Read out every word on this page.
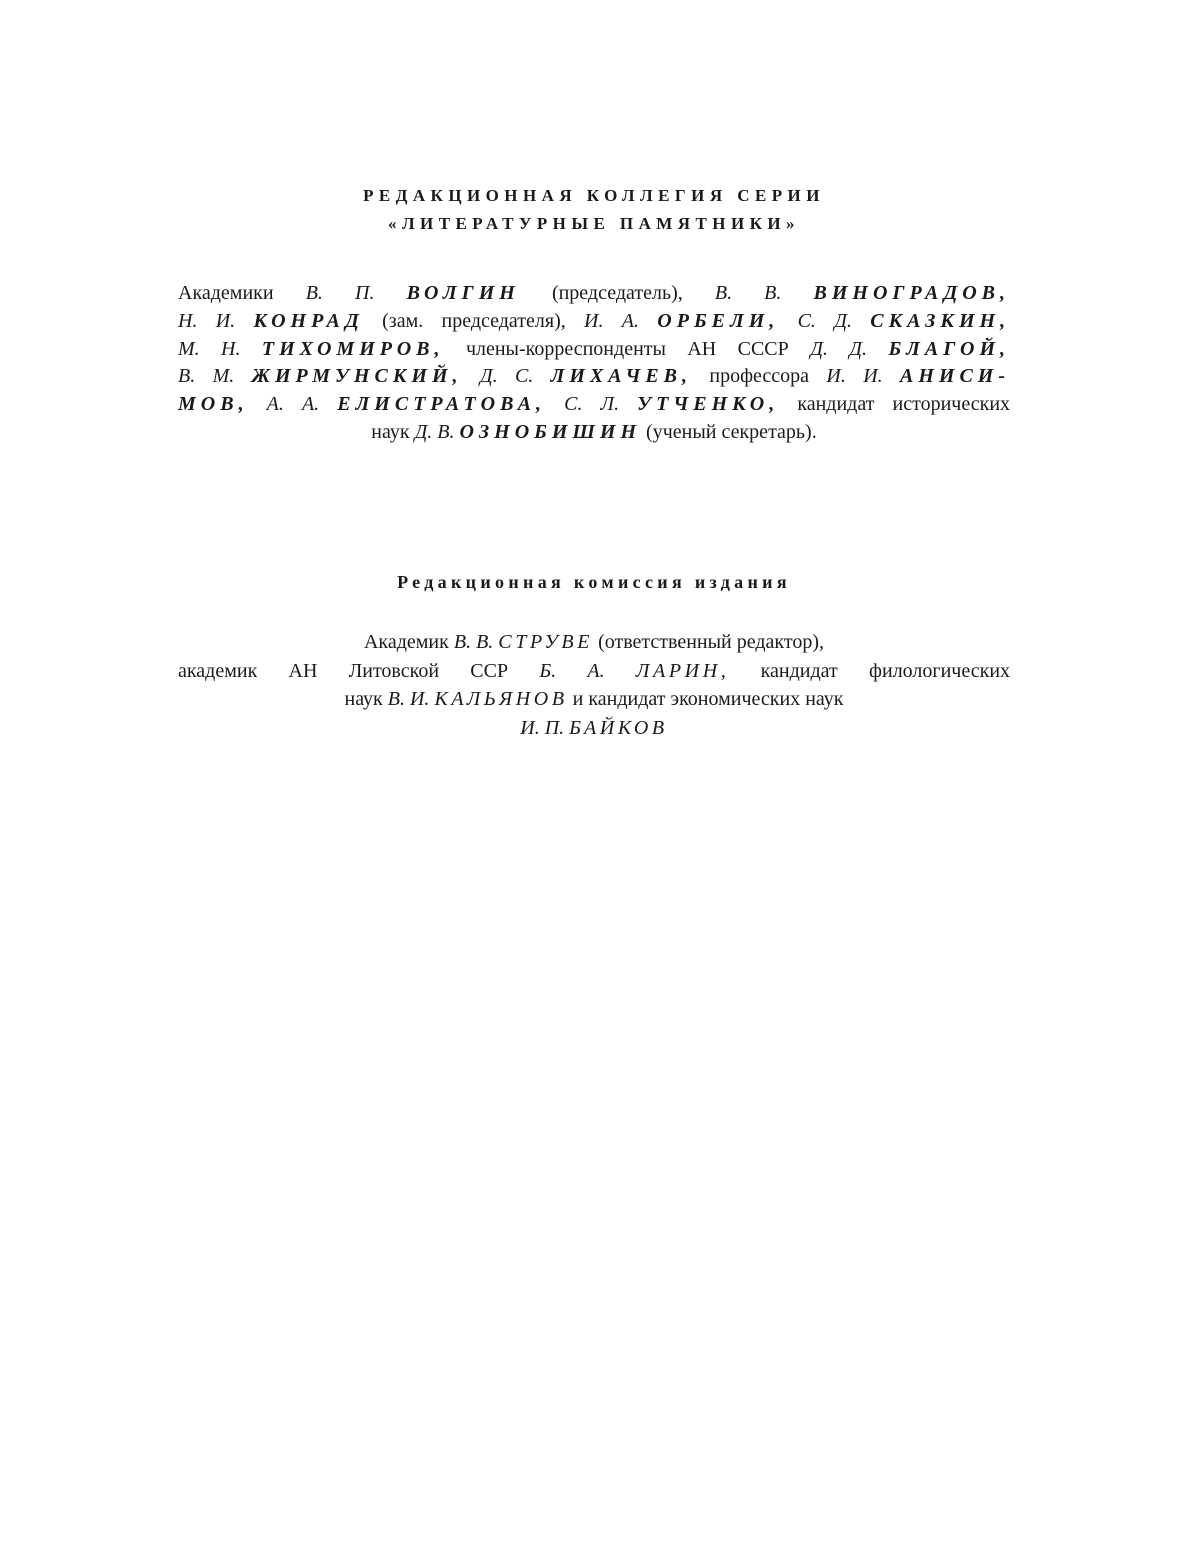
РЕДАКЦИОННАЯ КОЛЛЕГИЯ СЕРИИ
«ЛИТЕРАТУРНЫЕ ПАМЯТНИКИ»
Академики В. П. ВОЛГИН (председатель), В. В. ВИНОГРАДОВ,
Н. И. КОНРАД (зам. председателя), И. А. ОРБЕЛИ, С. Д. СКАЗКИН,
М. Н. ТИХОМИРОВ, члены-корреспонденты АН СССР Д. Д. БЛАГОЙ,
В. М. ЖИРМУНСКИЙ, Д. С. ЛИХАЧЕВ, профессора И. И. АНИСИ-
МОВ, А. А. ЕЛИСТРАТОВА, С. Л. УТЧЕНКО, кандидат исторических
наук Д. В. ОЗНОБИШИН (ученый секретарь).
Редакционная комиссия издания
Академик В. В. СТРУВЕ (ответственный редактор),
академик АН Литовской ССР Б. А. ЛАРИН, кандидат филологических
наук В. И. КАЛЬЯНОВ и кандидат экономических наук
И. П. БАЙКОВ
